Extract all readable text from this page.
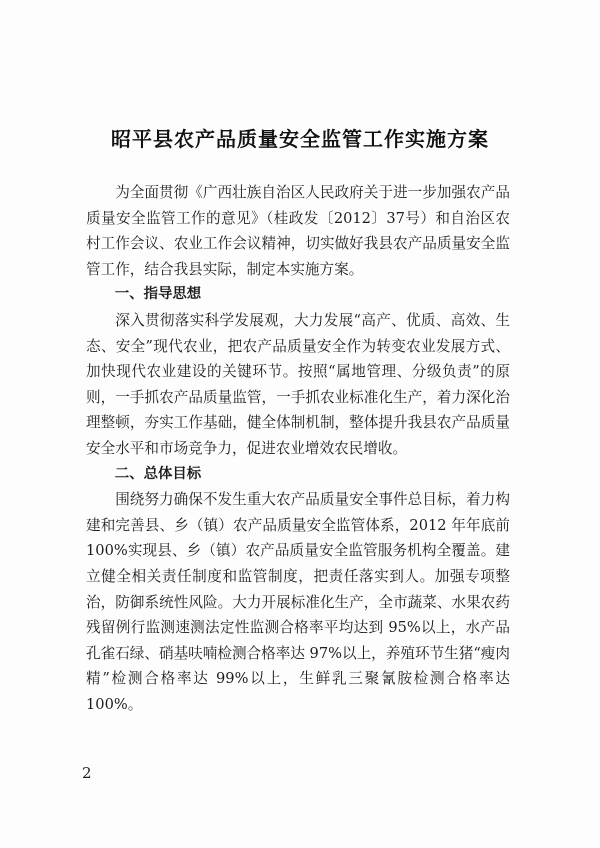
昭平县农产品质量安全监管工作实施方案

为全面贯彻《广西壮族自治区人民政府关于进一步加强农产品质量安全监管工作的意见》（桂政发〔2012〕37号）和自治区农村工作会议、农业工作会议精神，切实做好我县农产品质量安全监管工作，结合我县实际，制定本实施方案。

一、指导思想

深入贯彻落实科学发展观，大力发展“高产、优质、高效、生态、安全”现代农业，把农产品质量安全作为转变农业发展方式、加快现代农业建设的关键环节。按照“属地管理、分级负责”的原则，一手抓农产品质量监管，一手抓农业标准化生产，着力深化治理整顿，夯实工作基础，健全体制机制，整体提升我县农产品质量安全水平和市场竞争力，促进农业增效农民增收。

二、总体目标

围绕努力确保不发生重大农产品质量安全事件总目标，着力构建和完善县、乡（镇）农产品质量安全监管体系，2012 年年底前 100%实现县、乡（镇）农产品质量安全监管服务机构全覆盖。建立健全相关责任制度和监管制度，把责任落实到人。加强专项整治，防御系统性风险。大力开展标准化生产，全市蔬菜、水果农药残留例行监测速测法定性监测合格率平均达到 95%以上，水产品孔雀石绿、硝基呋喃检测合格率达 97%以上，养殖环节生猪“瘦肉精”检测合格率达 99%以上，生鲜乳三聚氰胺检测合格率达 100%。

2
